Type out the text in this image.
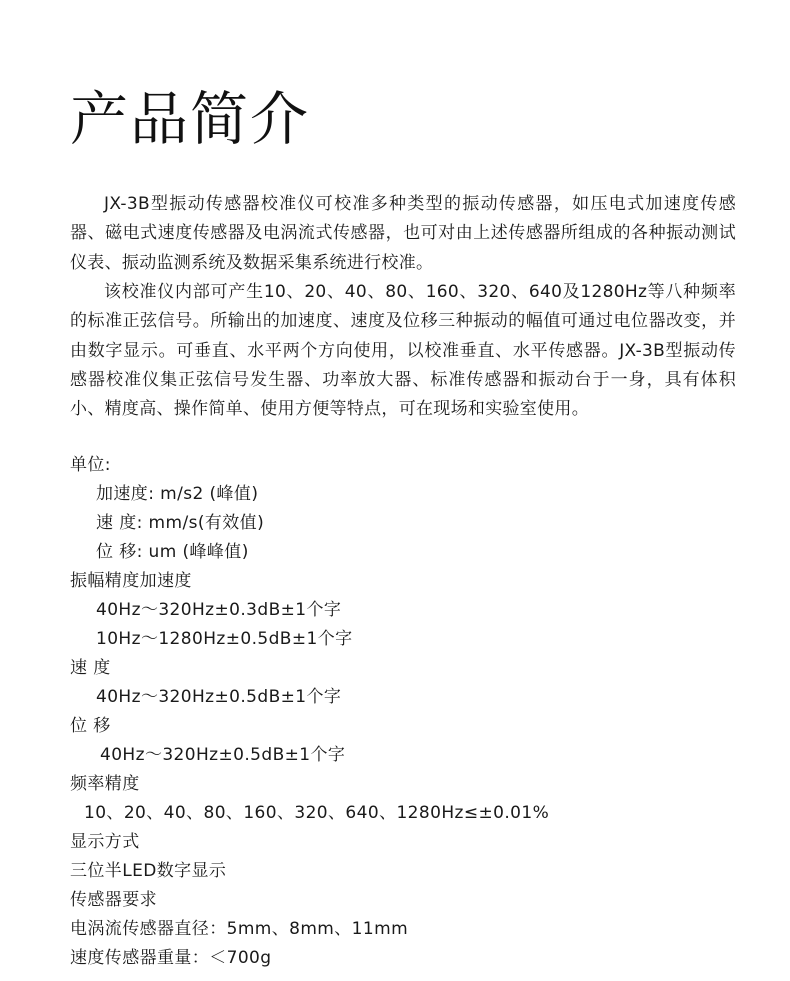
产品简介

JX-3B型振动传感器校准仪可校准多种类型的振动传感器，如压电式加速度传感器、磁电式速度传感器及电涡流式传感器，也可对由上述传感器所组成的各种振动测试仪表、振动监测系统及数据采集系统进行校准。

该校准仪内部可产生10、20、40、80、160、320、640及1280Hz等八种频率的标准正弦信号。所输出的加速度、速度及位移三种振动的幅值可通过电位器改变，并由数字显示。可垂直、水平两个方向使用，以校准垂直、水平传感器。JX-3B型振动传感器校准仪集正弦信号发生器、功率放大器、标准传感器和振动台于一身，具有体积小、精度高、操作简单、使用方便等特点，可在现场和实验室使用。

单位:
加速度: m/s2 (峰值)
速 度: mm/s(有效值)
位 移: um (峰峰值)
振幅精度加速度
40Hz～320Hz±0.3dB±1个字
10Hz～1280Hz±0.5dB±1个字
速 度
40Hz～320Hz±0.5dB±1个字
位 移
40Hz～320Hz±0.5dB±1个字
频率精度
10、20、40、80、160、320、640、1280Hz≤±0.01%
显示方式
三位半LED数字显示
传感器要求
电涡流传感器直径：5mm、8mm、11mm
速度传感器重量：＜700g
